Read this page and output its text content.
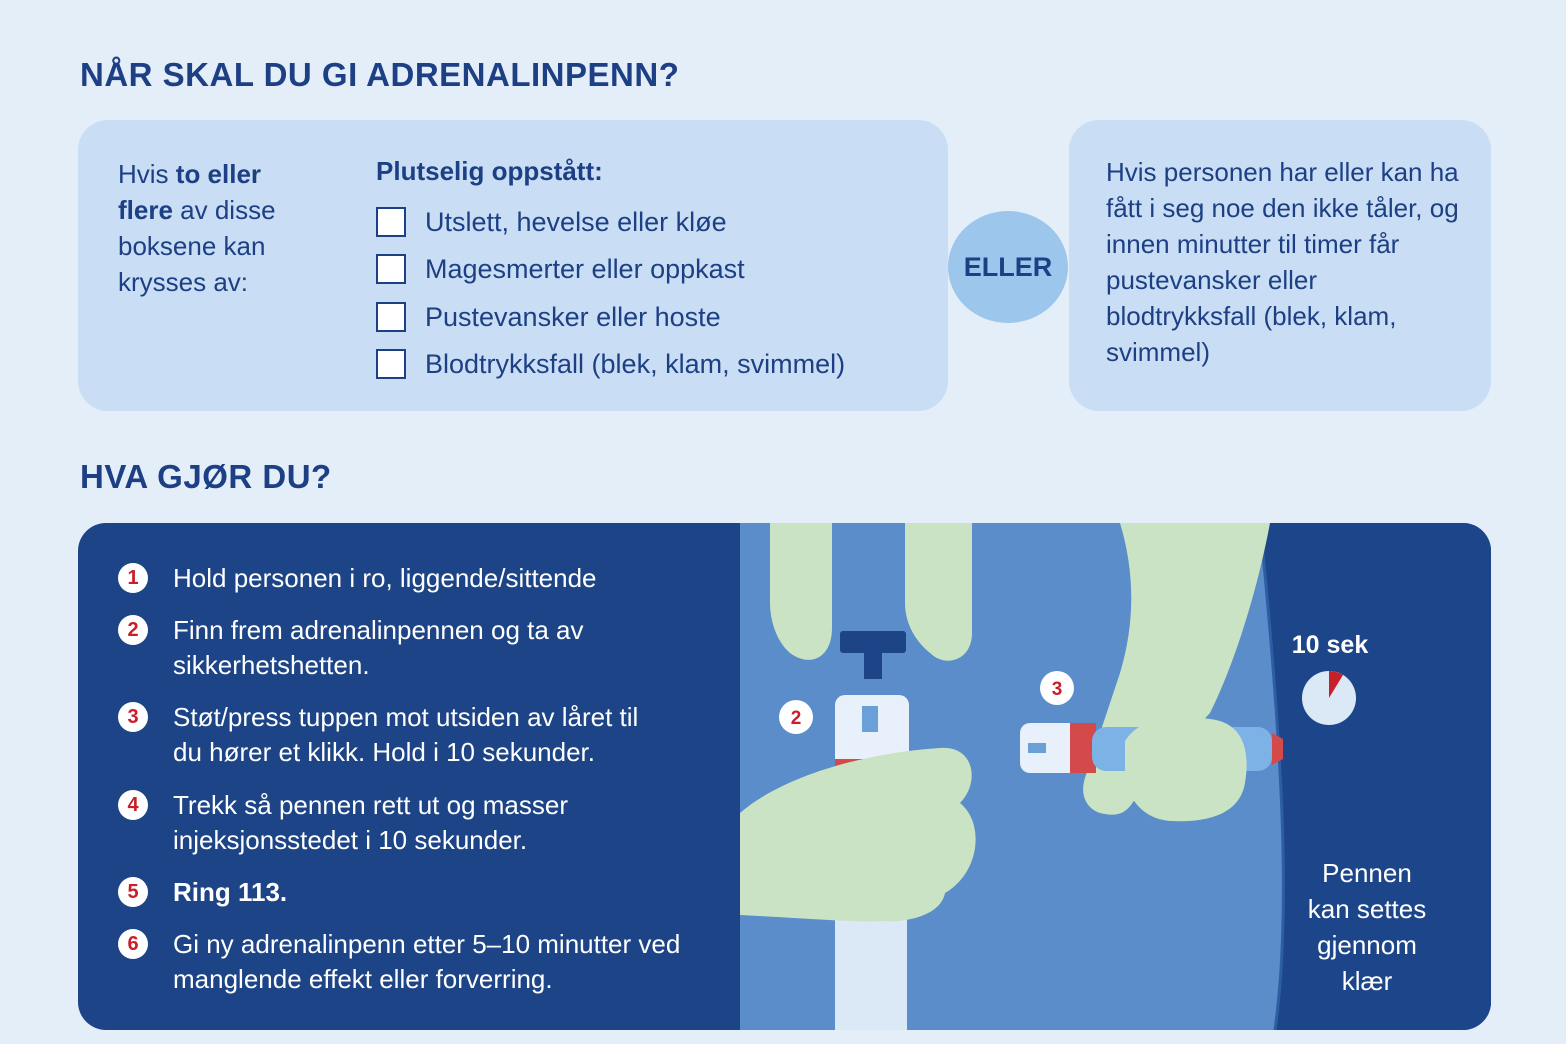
NÅR SKAL DU GI ADRENALINPENN?
Hvis to eller flere av disse boksene kan krysses av:
Plutselig oppstått:
Utslett, hevelse eller kløe
Magesmerter eller oppkast
Pustevansker eller hoste
Blodtrykksfall (blek, klam, svimmel)
ELLER
Hvis personen har eller kan ha fått i seg noe den ikke tåler, og innen minutter til timer får pustevansker eller blodtrykksfall (blek, klam, svimmel)
HVA GJØR DU?
1	Hold personen i ro, liggende/sittende
2	Finn frem adrenalinpennen og ta av sikkerhetshetten.
3	Støt/press tuppen mot utsiden av låret til du hører et klikk. Hold i 10 sekunder.
4	Trekk så pennen rett ut og masser injeksjonsstedet i 10 sekunder.
5	Ring 113.
6	Gi ny adrenalinpenn etter 5–10 minutter ved manglende effekt eller forverring.
2
3
10 sek
Pennen
kan settes
gjennom
klær
